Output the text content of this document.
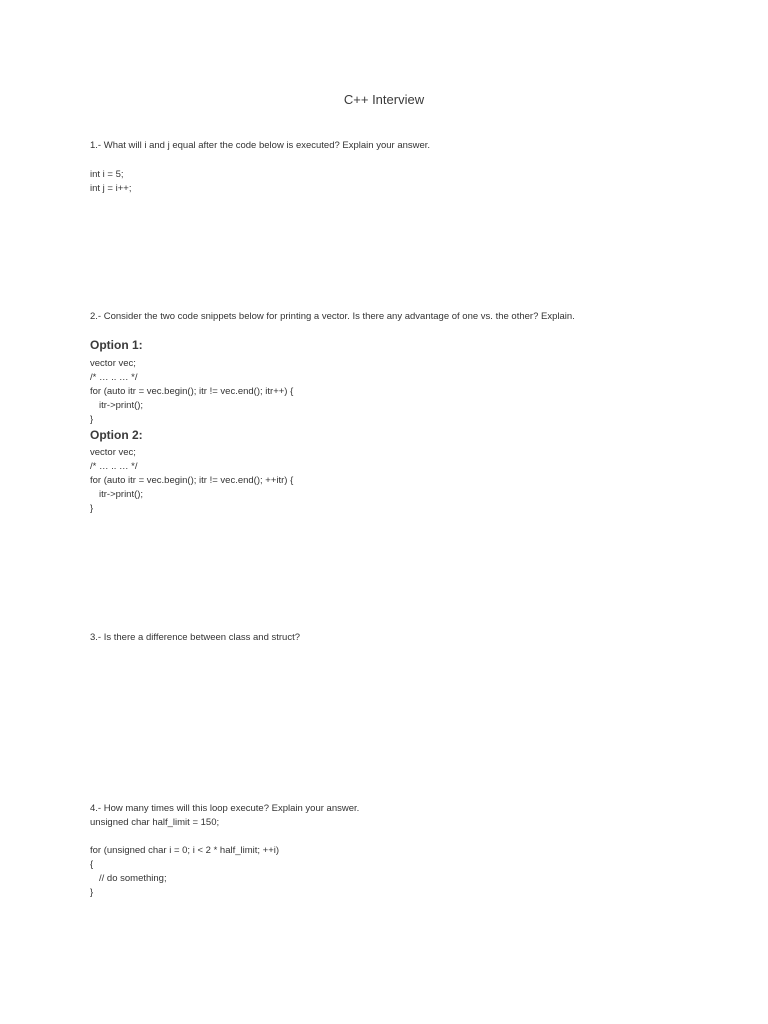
C++ Interview
1.- What will i and j equal after the code below is executed? Explain your answer.
int i = 5;
int j = i++;
2.- Consider the two code snippets below for printing a vector. Is there any advantage of one vs. the other? Explain.
Option 1:
vector vec;
/* … .. … */
for (auto itr = vec.begin(); itr != vec.end(); itr++) {
itr->print();
}
Option 2:
vector vec;
/* … .. … */
for (auto itr = vec.begin(); itr != vec.end(); ++itr) {
itr->print();
}
3.- Is there a difference between class and struct?
4.- How many times will this loop execute? Explain your answer.
unsigned char half_limit = 150;
for (unsigned char i = 0; i < 2 * half_limit; ++i)
{
// do something;
}
